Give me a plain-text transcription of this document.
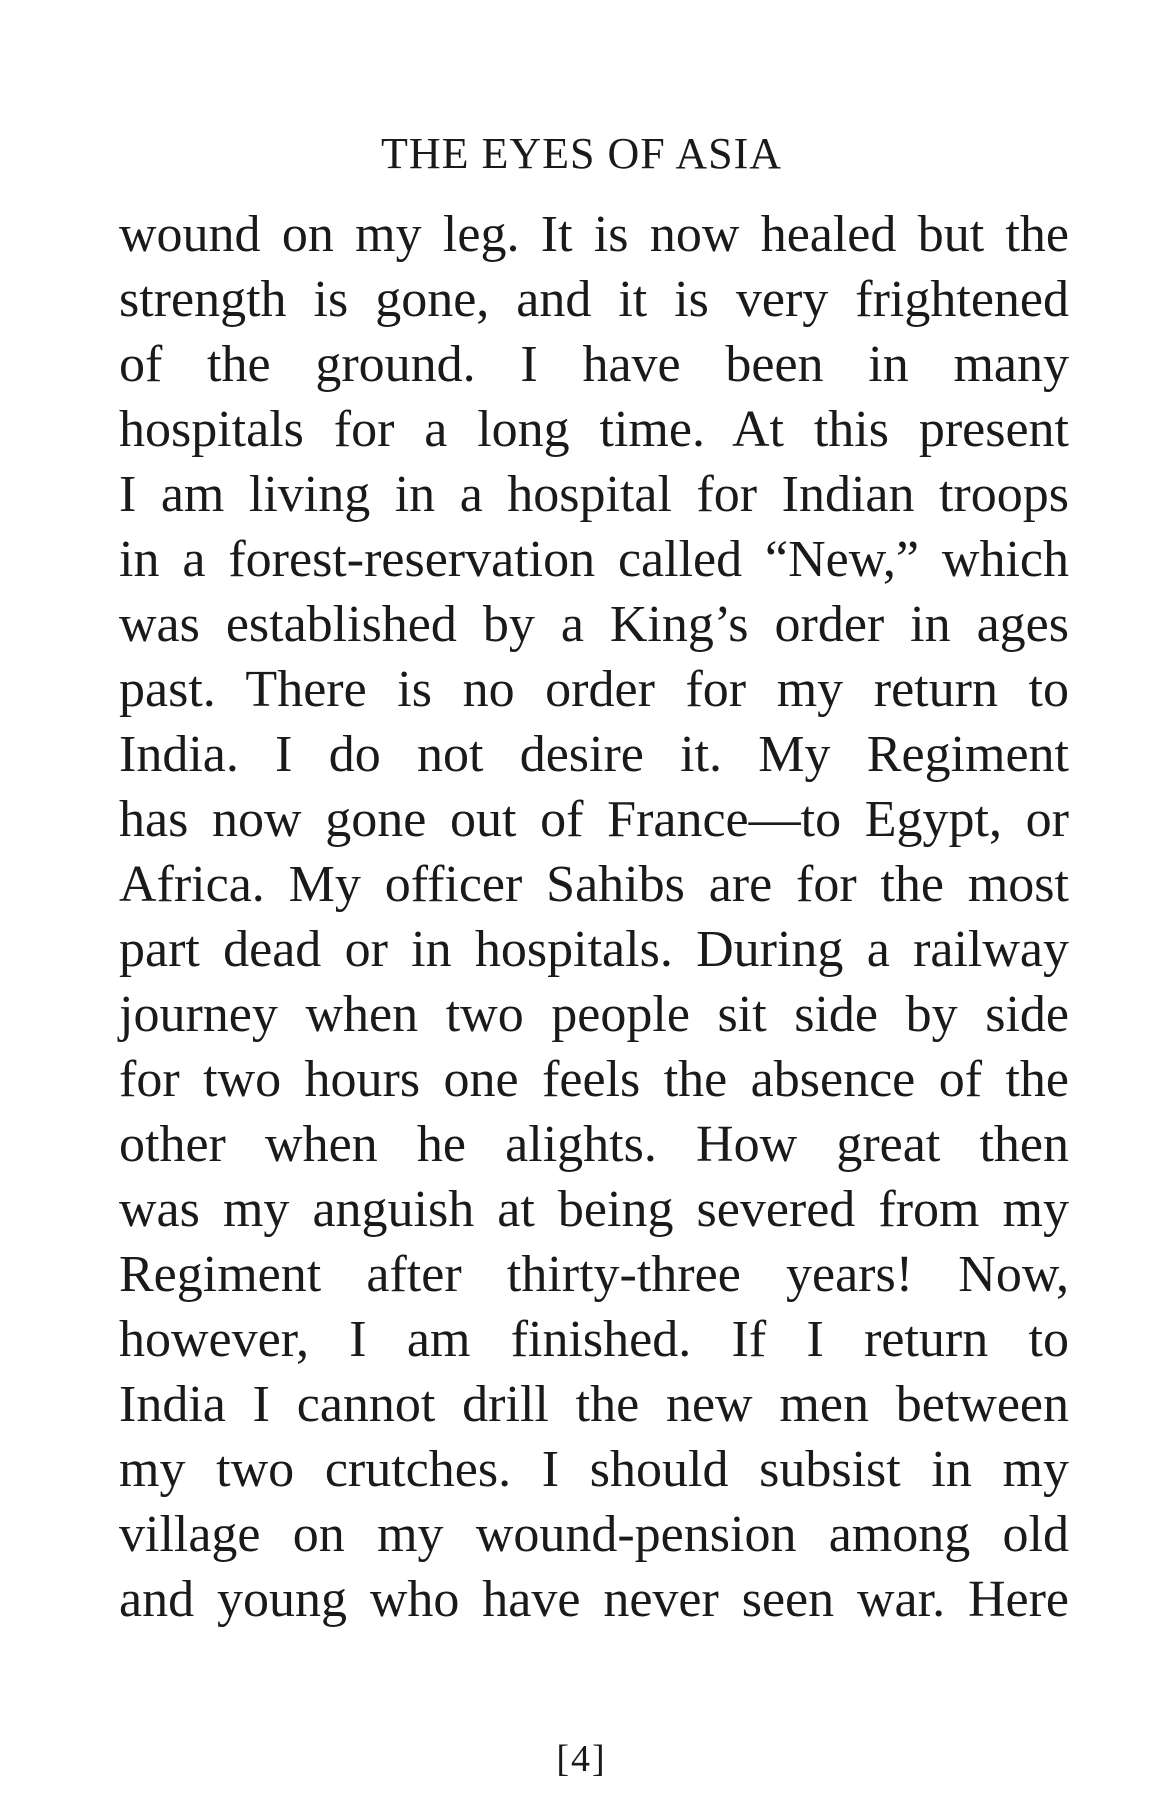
THE EYES OF ASIA
wound on my leg. It is now healed but the
strength is gone, and it is very frightened
of the ground. I have been in many
hospitals for a long time. At this present
I am living in a hospital for Indian troops
in a forest-reservation called “New,” which
was established by a King’s order in ages
past. There is no order for my return to
India. I do not desire it. My Regiment
has now gone out of France—to Egypt, or
Africa. My officer Sahibs are for the most
part dead or in hospitals. During a railway
journey when two people sit side by side
for two hours one feels the absence of the
other when he alights. How great then
was my anguish at being severed from my
Regiment after thirty-three years! Now,
however, I am finished. If I return to
India I cannot drill the new men between
my two crutches. I should subsist in my
village on my wound-pension among old
and young who have never seen war. Here
[4]
